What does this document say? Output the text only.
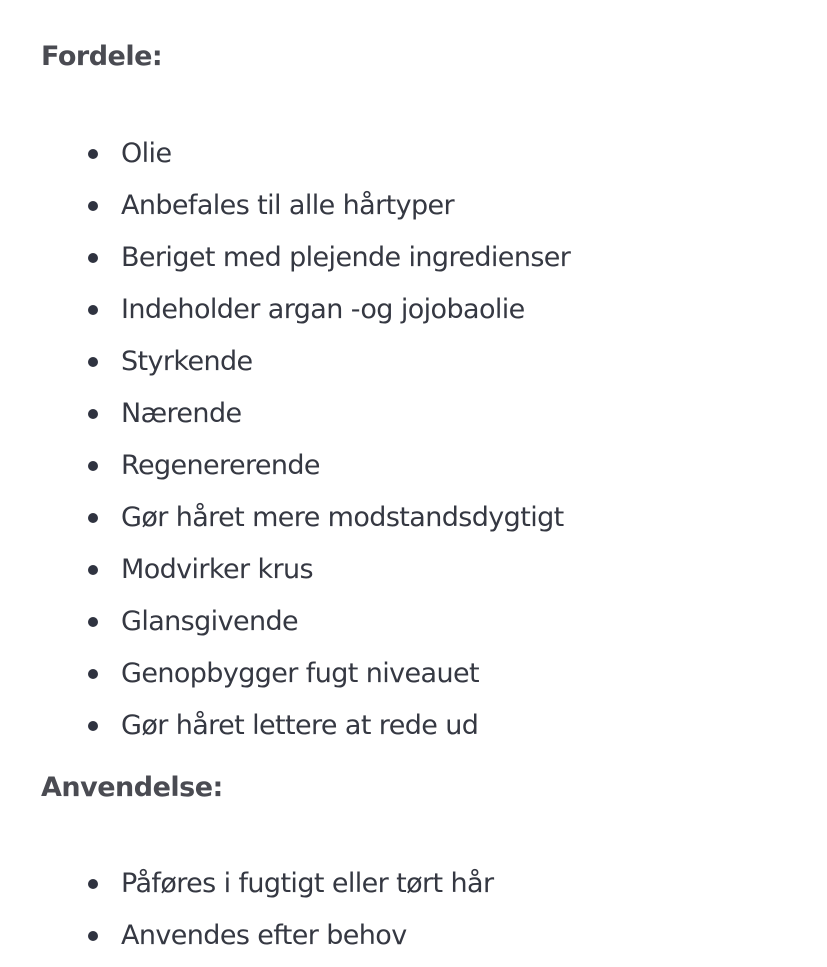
Fordele:
Olie
Anbefales til alle hårtyper
Beriget med plejende ingredienser
Indeholder argan -og jojobaolie
Styrkende
Nærende
Regenererende
Gør håret mere modstandsdygtigt
Modvirker krus
Glansgivende
Genopbygger fugt niveauet
Gør håret lettere at rede ud
Anvendelse:
Påføres i fugtigt eller tørt hår
Anvendes efter behov
